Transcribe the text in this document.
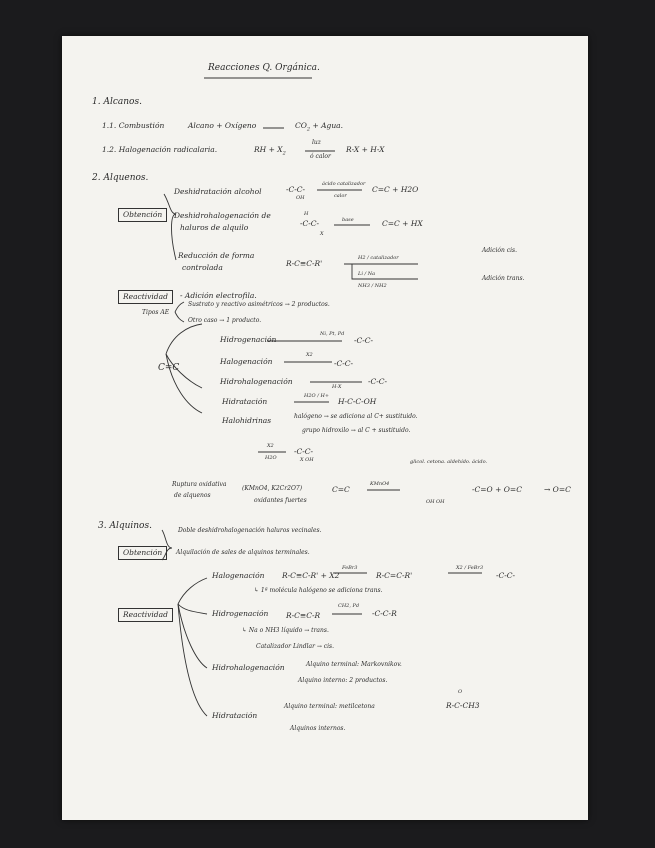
Reacciones Q. Orgánica.
1. Alcanos.
1.1. Combustión	Alcano + Oxígeno	$CO_2$ + Agua.
1.2. Halogenación radicalaria.	RH + $X_2$
luz
ó calor
R-X + H-X
2. Alquenos.
Obtención
Deshidratación alcohol	-C-C-
OH
ácido catalizador
calor
C=C + H2O
Deshidrohalogenación de
haluros de alquilo	-C-C-
H
X
base	C=C + HX
Reducción de forma
controlada	R-C≡C-R'
H2 / catalizador
Li / Na
NH3 / NH2
Adición cis.
Adición trans.
Reactividad	- Adición electrofila.
Tipos AE
Sustrato y reactivo asimétricos → 2 productos.
Otro caso → 1 producto.
C=C
Hidrogenación
Ni, Pt, Pd
-C-C-
Halogenación
X2
-C-C-
Hidrohalogenación
H-X
-C-C-
Hidratación
H2O / H+
H-C-C-OH
Halohidrinas	halógeno → se adiciona al C+ sustituido.
grupo hidroxilo → al C + sustituido.
X2
H2O
-C-C-
X OH	glicol. cetona. aldehído. ácido.
Ruptura oxidativa
de alquenos
(KMnO4, K2Cr2O7)
oxidantes fuertes
C=C
KMnO4
OH OH
-C=O + O=C	→ O=C
3. Alquinos.
Obtención
Doble deshidrohalogenación haluros vecinales.
Alquilación de sales de alquinos terminales.
Reactividad
Halogenación R-C≡C-R' + X2
FeBr3
R-C=C-R'
X2 / FeBr3
-C-C-
↳ 1ª molécula halógeno se adiciona trans.
Hidrogenación R-C≡C-R
CH2, Pd
-C-C-R
↳ Na o NH3 líquido → trans.
Catalizador Lindlar → cis.
Hidrohalogenación	Alquino terminal: Markovnikov.
Alquino interno: 2 productos.
Hidratación
Alquino terminal: metilcetona
Alquinos internos.
O
R-C-CH3
